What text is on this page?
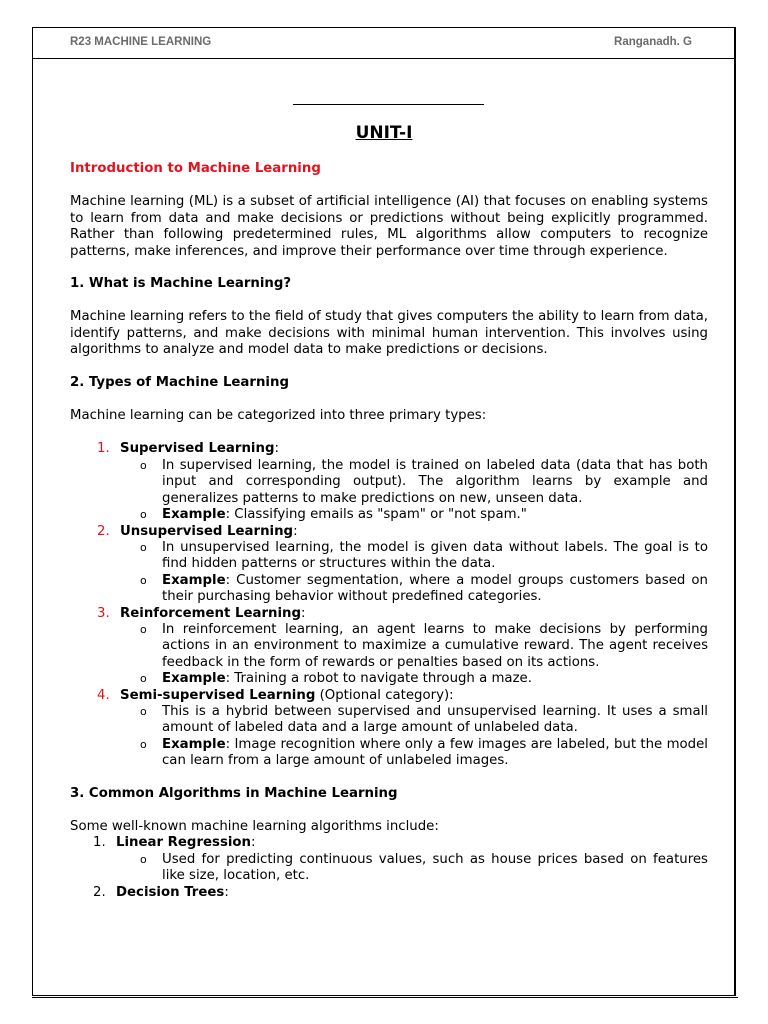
R23 MACHINE LEARNING	Ranganadh. G
UNIT-I

Introduction to Machine Learning

Machine learning (ML) is a subset of artificial intelligence (AI) that focuses on enabling systems to learn from data and make decisions or predictions without being explicitly programmed. Rather than following predetermined rules, ML algorithms allow computers to recognize patterns, make inferences, and improve their performance over time through experience.

1. What is Machine Learning?

Machine learning refers to the field of study that gives computers the ability to learn from data, identify patterns, and make decisions with minimal human intervention. This involves using algorithms to analyze and model data to make predictions or decisions.

2. Types of Machine Learning

Machine learning can be categorized into three primary types:

1. Supervised Learning:
o In supervised learning, the model is trained on labeled data (data that has both input and corresponding output). The algorithm learns by example and generalizes patterns to make predictions on new, unseen data.
o Example: Classifying emails as "spam" or "not spam."
2. Unsupervised Learning:
o In unsupervised learning, the model is given data without labels. The goal is to find hidden patterns or structures within the data.
o Example: Customer segmentation, where a model groups customers based on their purchasing behavior without predefined categories.
3. Reinforcement Learning:
o In reinforcement learning, an agent learns to make decisions by performing actions in an environment to maximize a cumulative reward. The agent receives feedback in the form of rewards or penalties based on its actions.
o Example: Training a robot to navigate through a maze.
4. Semi-supervised Learning (Optional category):
o This is a hybrid between supervised and unsupervised learning. It uses a small amount of labeled data and a large amount of unlabeled data.
o Example: Image recognition where only a few images are labeled, but the model can learn from a large amount of unlabeled images.

3. Common Algorithms in Machine Learning

Some well-known machine learning algorithms include:

1. Linear Regression:
o Used for predicting continuous values, such as house prices based on features like size, location, etc.
2. Decision Trees:
